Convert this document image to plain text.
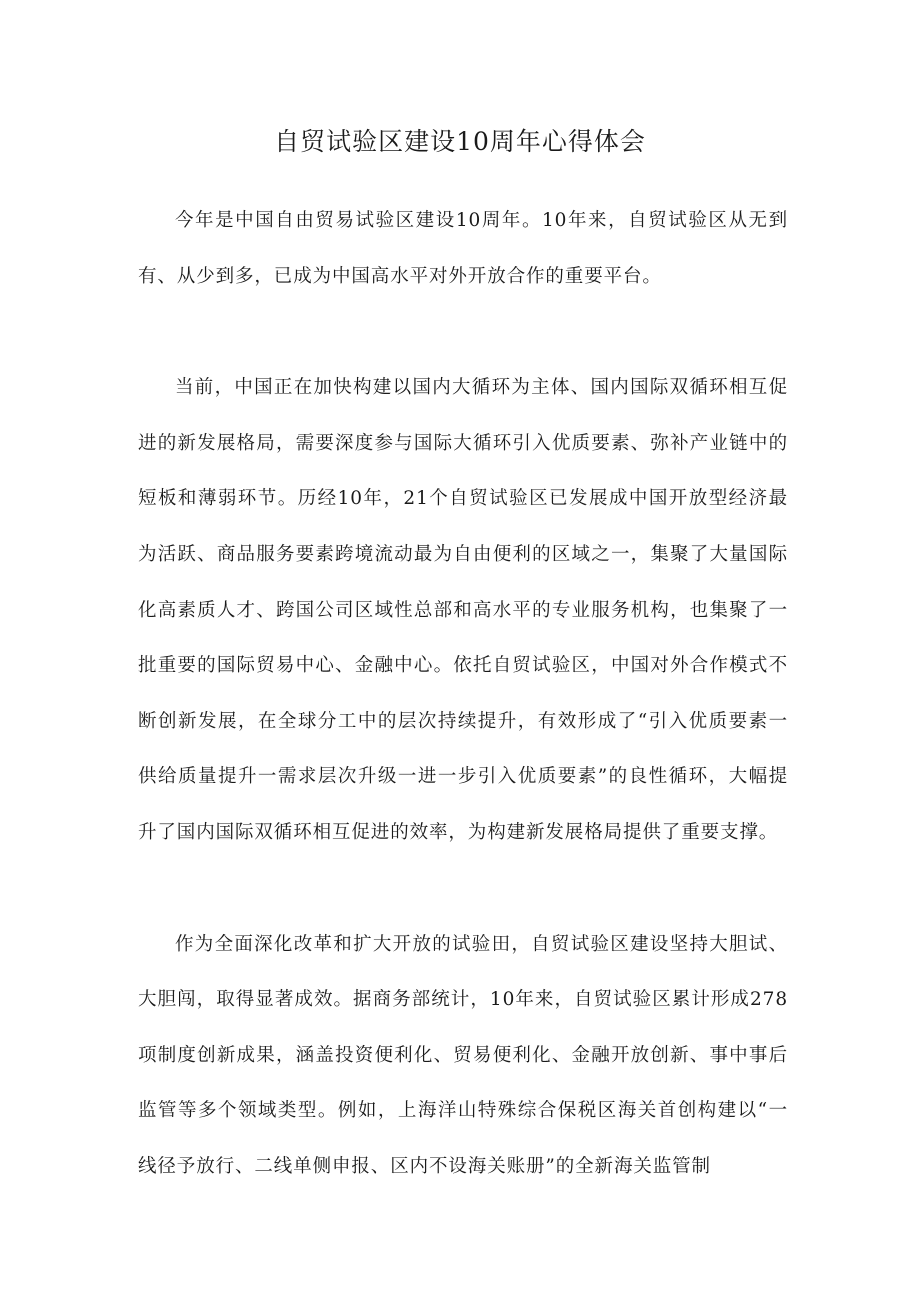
自贸试验区建设10周年心得体会

今年是中国自由贸易试验区建设10周年。10年来，自贸试验区从无到有、从少到多，已成为中国高水平对外开放合作的重要平台。

当前，中国正在加快构建以国内大循环为主体、国内国际双循环相互促进的新发展格局，需要深度参与国际大循环引入优质要素、弥补产业链中的短板和薄弱环节。历经10年，21个自贸试验区已发展成中国开放型经济最为活跃、商品服务要素跨境流动最为自由便利的区域之一，集聚了大量国际化高素质人才、跨国公司区域性总部和高水平的专业服务机构，也集聚了一批重要的国际贸易中心、金融中心。依托自贸试验区，中国对外合作模式不断创新发展，在全球分工中的层次持续提升，有效形成了“引入优质要素一供给质量提升一需求层次升级一进一步引入优质要素”的良性循环，大幅提升了国内国际双循环相互促进的效率，为构建新发展格局提供了重要支撑。

作为全面深化改革和扩大开放的试验田，自贸试验区建设坚持大胆试、大胆闯，取得显著成效。据商务部统计，10年来，自贸试验区累计形成278项制度创新成果，涵盖投资便利化、贸易便利化、金融开放创新、事中事后监管等多个领域类型。例如，上海洋山特殊综合保税区海关首创构建以“一线径予放行、二线单侧申报、区内不设海关账册”的全新海关监管制
